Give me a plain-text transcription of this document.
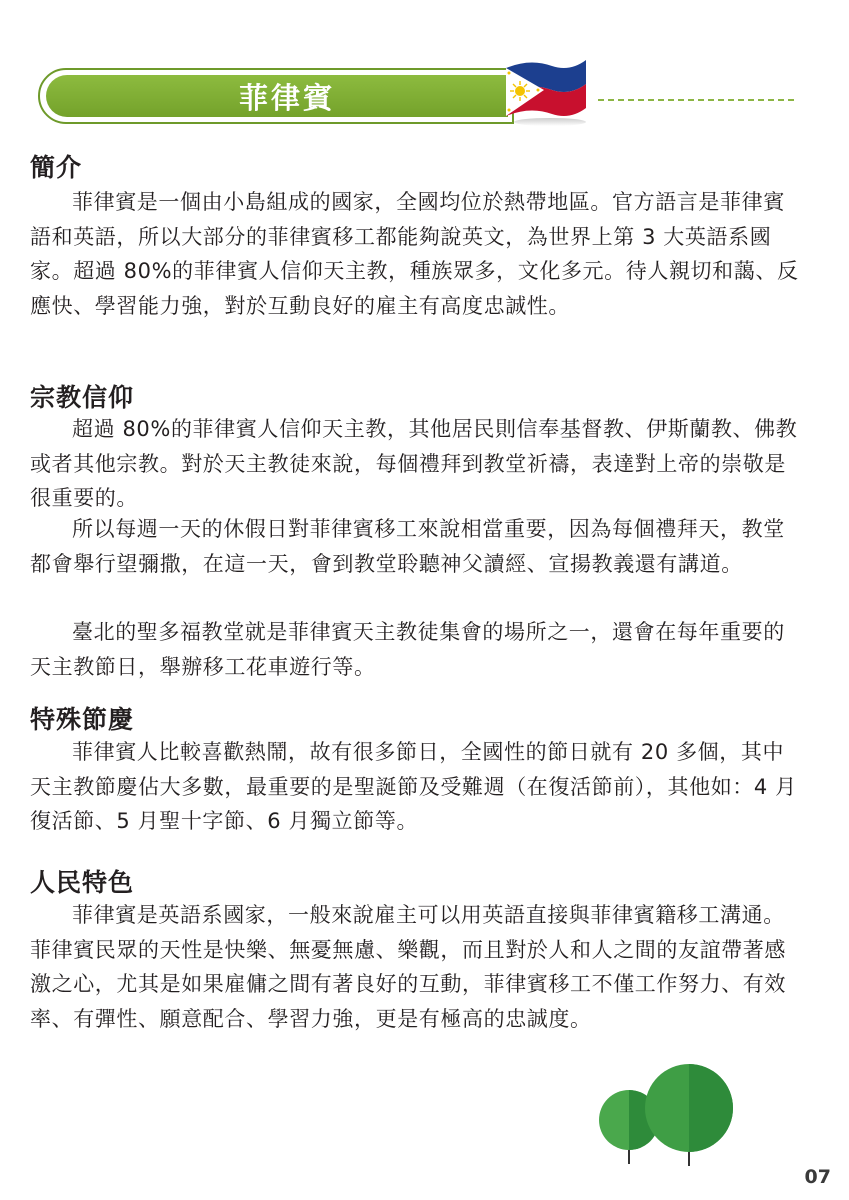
菲律賓
簡介

菲律賓是一個由小島組成的國家，全國均位於熱帶地區。官方語言是菲律賓語和英語，所以大部分的菲律賓移工都能夠說英文，為世界上第 3 大英語系國家。超過 80%的菲律賓人信仰天主教，種族眾多，文化多元。待人親切和藹、反應快、學習能力強，對於互動良好的雇主有高度忠誠性。

宗教信仰

超過 80%的菲律賓人信仰天主教，其他居民則信奉基督教、伊斯蘭教、佛教或者其他宗教。對於天主教徒來說，每個禮拜到教堂祈禱，表達對上帝的崇敬是很重要的。

所以每週一天的休假日對菲律賓移工來說相當重要，因為每個禮拜天，教堂都會舉行望彌撒，在這一天，會到教堂聆聽神父讀經、宣揚教義還有講道。

臺北的聖多福教堂就是菲律賓天主教徒集會的場所之一，還會在每年重要的天主教節日，舉辦移工花車遊行等。

特殊節慶

菲律賓人比較喜歡熱鬧，故有很多節日，全國性的節日就有 20 多個，其中天主教節慶佔大多數，最重要的是聖誕節及受難週（在復活節前），其他如：4 月復活節、5 月聖十字節、6 月獨立節等。

人民特色

菲律賓是英語系國家，一般來說雇主可以用英語直接與菲律賓籍移工溝通。菲律賓民眾的天性是快樂、無憂無慮、樂觀，而且對於人和人之間的友誼帶著感激之心，尤其是如果雇傭之間有著良好的互動，菲律賓移工不僅工作努力、有效率、有彈性、願意配合、學習力強，更是有極高的忠誠度。

07
